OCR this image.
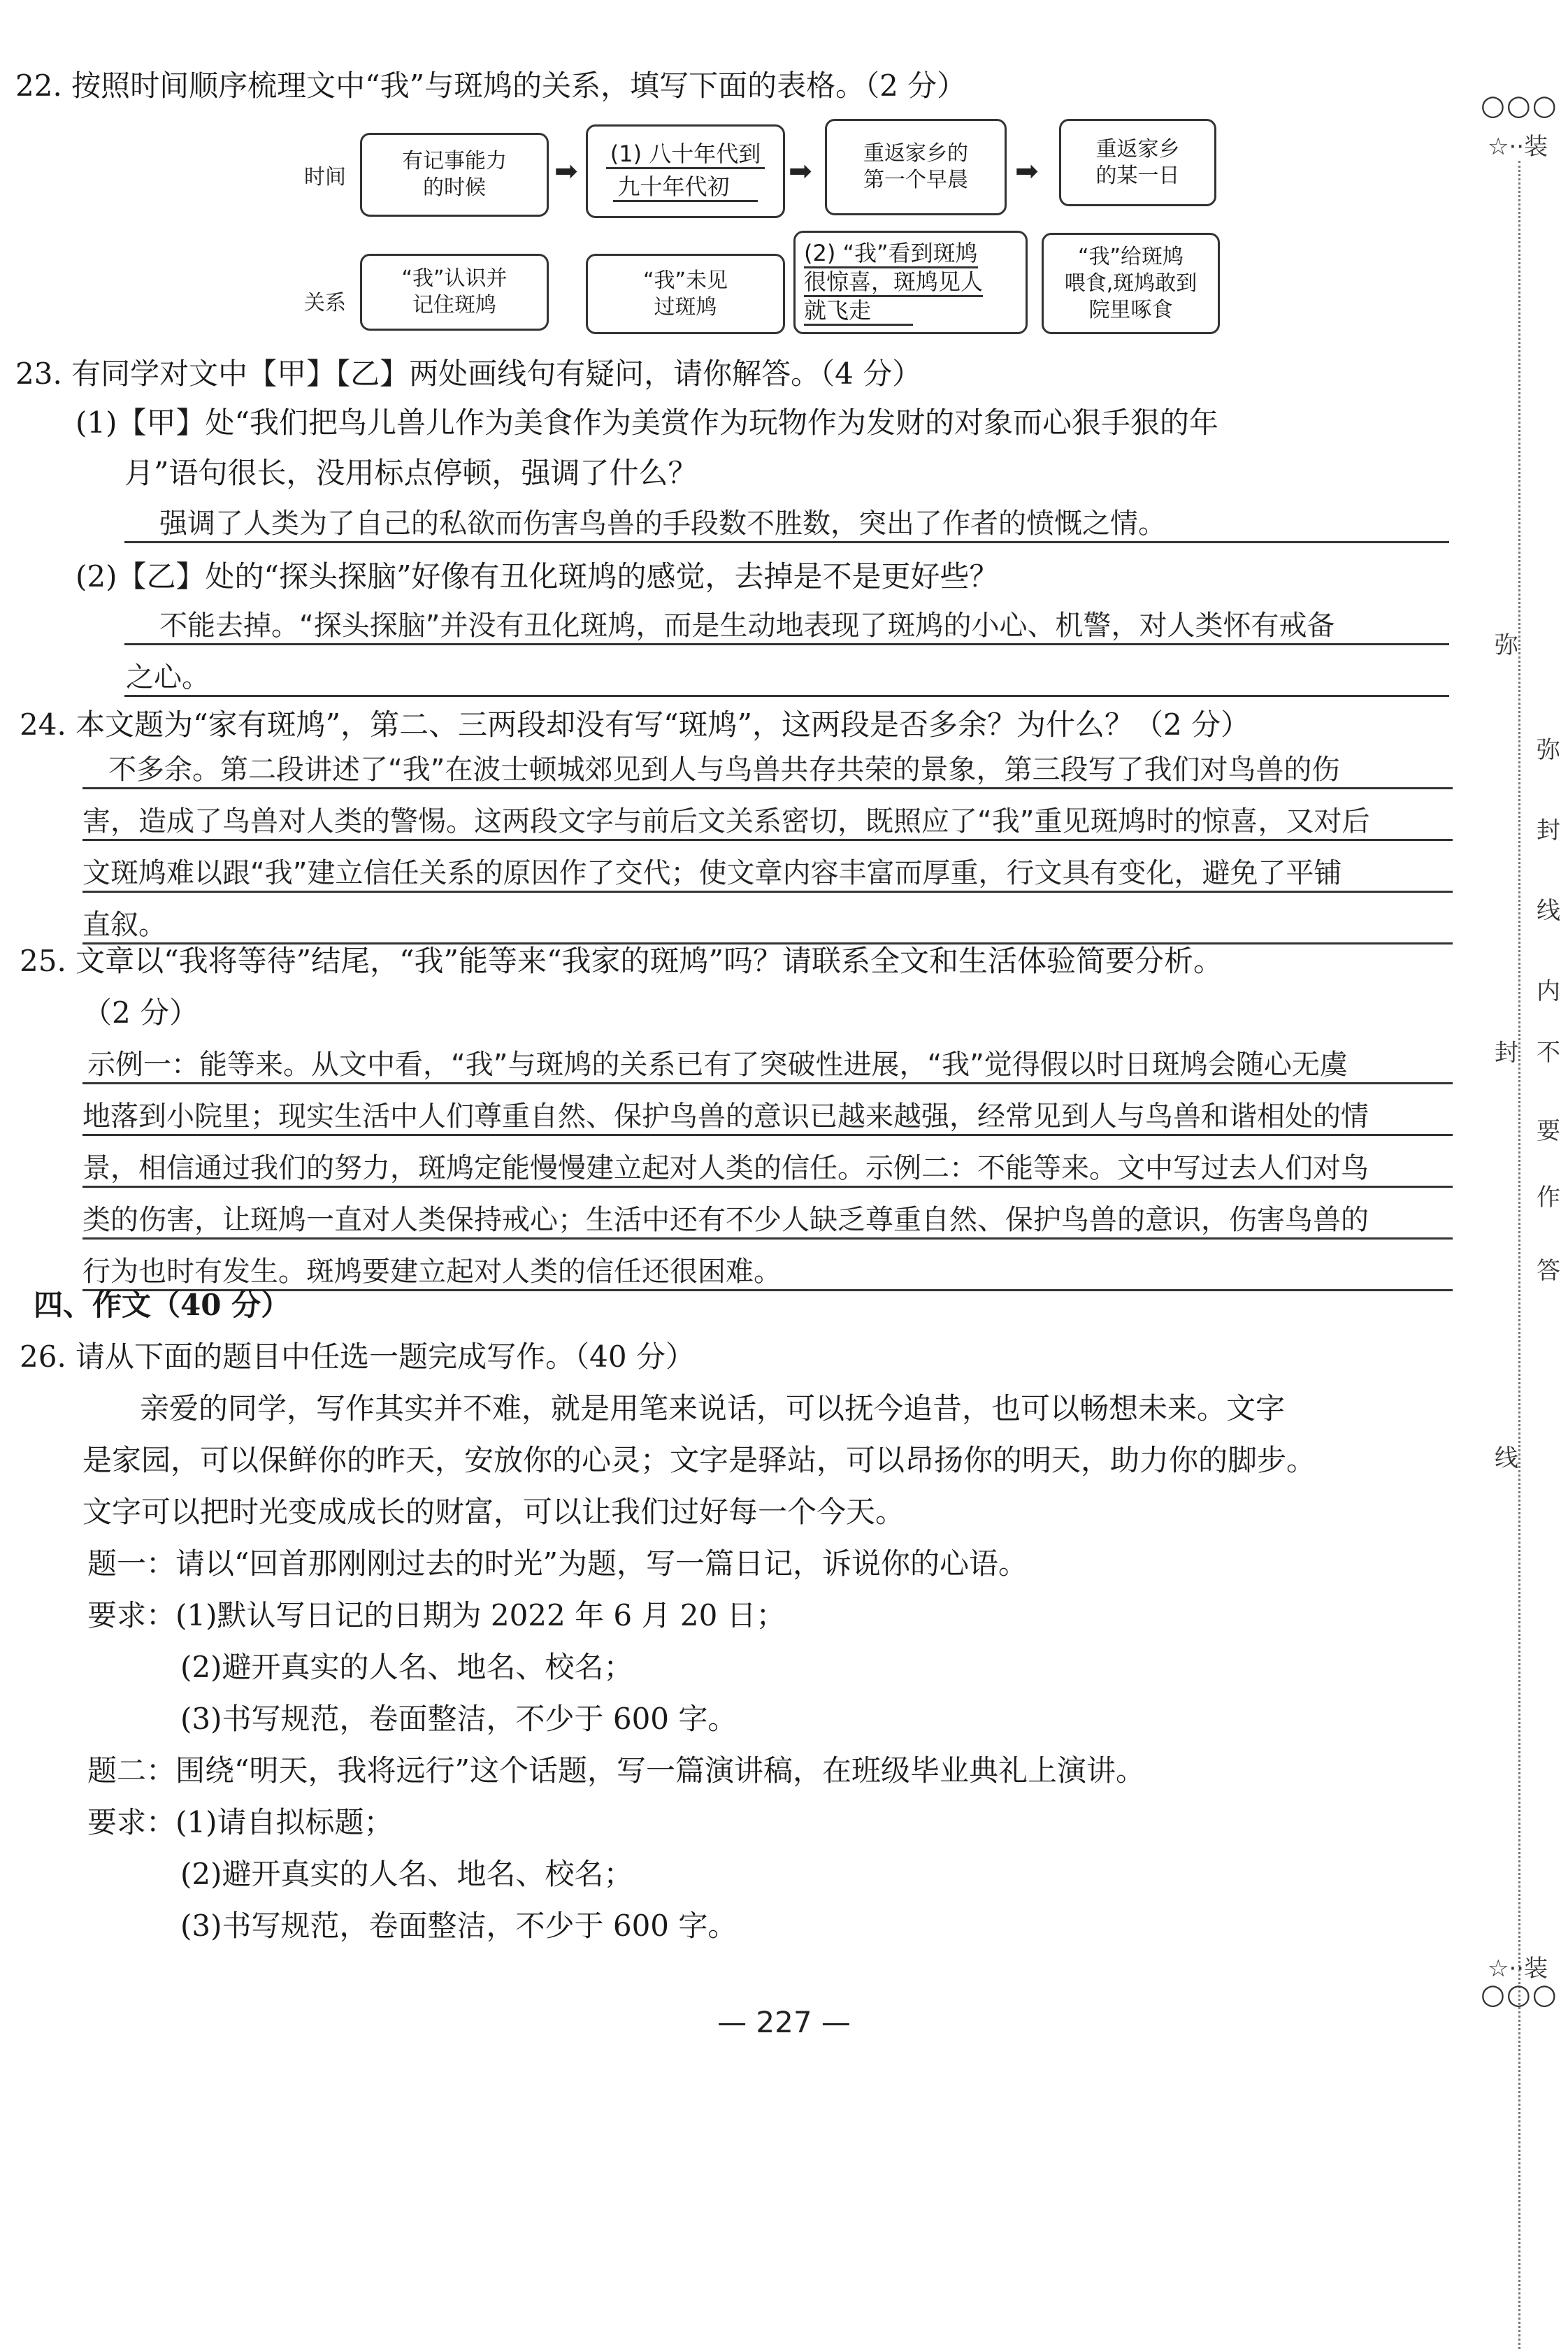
22. 按照时间顺序梳理文中“我”与斑鸠的关系，填写下面的表格。（2 分）
时间
关系
有记事能力
的时候
➡
(1) 八十年代到
九十年代初	➡
重返家乡的
第一个早晨 ➡
重返家乡
的某一日
“我”认识并
记住斑鸠
“我”未见
过斑鸠
(2) “我”看到斑鸠
很惊喜，斑鸠见人
就飞走
“我”给斑鸠
喂食,斑鸠敢到
院里啄食
23. 有同学对文中【甲】【乙】两处画线句有疑问，请你解答。（4 分）
(1)【甲】处“我们把鸟儿兽儿作为美食作为美赏作为玩物作为发财的对象而心狠手狠的年
月”语句很长，没用标点停顿，强调了什么？
强调了人类为了自己的私欲而伤害鸟兽的手段数不胜数，突出了作者的愤慨之情。
(2)【乙】处的“探头探脑”好像有丑化斑鸠的感觉，去掉是不是更好些？
不能去掉。“探头探脑”并没有丑化斑鸠，而是生动地表现了斑鸠的小心、机警，对人类怀有戒备
之心。
24. 本文题为“家有斑鸠”，第二、三两段却没有写“斑鸠”，这两段是否多余？为什么？（2 分）
不多余。第二段讲述了“我”在波士顿城郊见到人与鸟兽共存共荣的景象，第三段写了我们对鸟兽的伤
害，造成了鸟兽对人类的警惕。这两段文字与前后文关系密切，既照应了“我”重见斑鸠时的惊喜，又对后
文斑鸠难以跟“我”建立信任关系的原因作了交代；使文章内容丰富而厚重，行文具有变化，避免了平铺
直叙。
25. 文章以“我将等待”结尾，“我”能等来“我家的斑鸠”吗？请联系全文和生活体验简要分析。
（2 分）
示例一：能等来。从文中看，“我”与斑鸠的关系已有了突破性进展，“我”觉得假以时日斑鸠会随心无虞
地落到小院里；现实生活中人们尊重自然、保护鸟兽的意识已越来越强，经常见到人与鸟兽和谐相处的情
景，相信通过我们的努力，斑鸠定能慢慢建立起对人类的信任。示例二：不能等来。文中写过去人们对鸟
类的伤害，让斑鸠一直对人类保持戒心；生活中还有不少人缺乏尊重自然、保护鸟兽的意识，伤害鸟兽的
行为也时有发生。斑鸠要建立起对人类的信任还很困难。
四、作文（40 分）
26. 请从下面的题目中任选一题完成写作。（40 分）
亲爱的同学，写作其实并不难，就是用笔来说话，可以抚今追昔，也可以畅想未来。文字
是家园，可以保鲜你的昨天，安放你的心灵；文字是驿站，可以昂扬你的明天，助力你的脚步。
文字可以把时光变成成长的财富，可以让我们过好每一个今天。
题一：请以“回首那刚刚过去的时光”为题，写一篇日记，诉说你的心语。
要求：(1)默认写日记的日期为 2022 年 6 月 20 日；
(2)避开真实的人名、地名、校名；
(3)书写规范，卷面整洁，不少于 600 字。
题二：围绕“明天，我将远行”这个话题，写一篇演讲稿，在班级毕业典礼上演讲。
要求：(1)请自拟标题；
(2)避开真实的人名、地名、校名；
(3)书写规范，卷面整洁，不少于 600 字。
○○○
☆··装
弥
封
线
弥
封
线
内
不
要
作
答
☆··装
○○○
— 227 —
